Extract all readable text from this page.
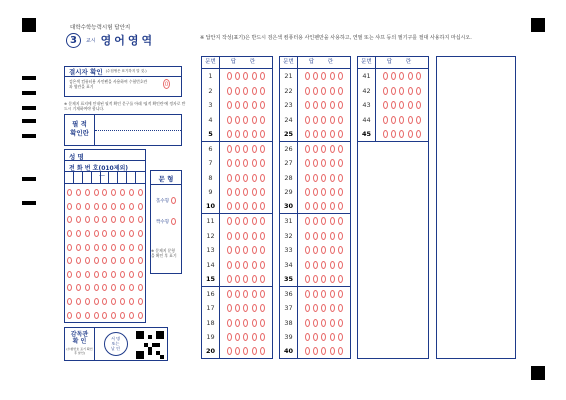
대학수학능력시험 답안지
3	교시 영어영역	※ 답안지 작성(표기)은 반드시 검은색 컴퓨터용 사인펜만을 사용하고, 연필 또는 샤프 등의 필기구를 절대 사용하지 마십시오.
결시자 확인 (수험생은 표기하지 말 것.)
검은색 컴퓨터용 사인펜을 사용하여 수험번호란과 옆란을 표기	0
※ 문제지 표지에 안내된 필적 확인 문구를 아래 '필적 확인란'에 정자로 반드시 기재하여야 합니다.
필 적
확인란
성 명
전 화 번 호(010제외)
—	문 형
홀수형
짝수형
※ 문제지 문형을 확인 후 표기
감독관
확 인
(수험번호 표기 확인 후 날인)
서 명
또는
날 인
문번	답 란
1
2
3
4
5
6
7
8
9
10
11
12
13
14
15
16
17
18
19
20
문번	답 란
21
22
23
24
25
26
27
28
29
30
31
32
33
34
35
36
37
38
39
40
문번	답 란
41
42
43
44
45
